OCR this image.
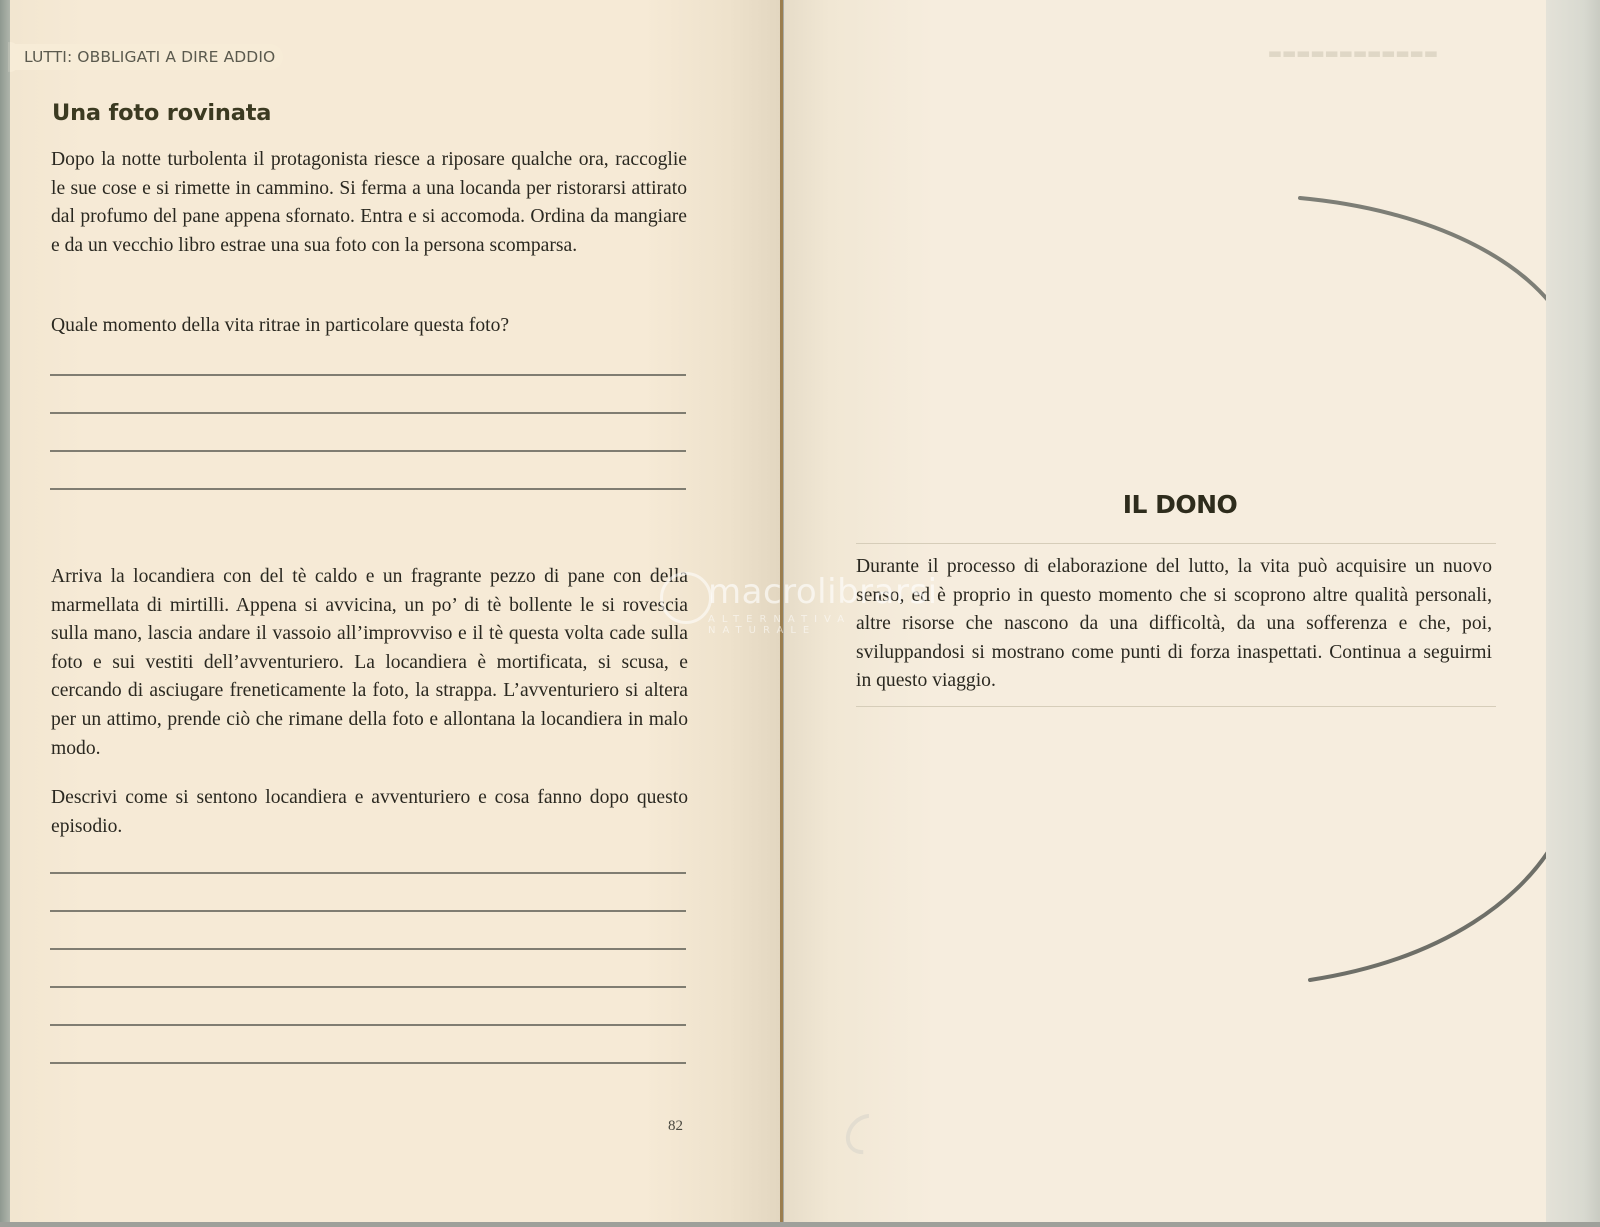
LUTTI: OBBLIGATI A DIRE ADDIO
Una foto rovinata

Dopo la notte turbolenta il protagonista riesce a riposare qualche ora, raccoglie le sue cose e si rimette in cammino. Si ferma a una locanda per ristorarsi attirato dal profumo del pane appena sfornato. Entra e si accomoda. Ordina da mangiare e da un vecchio libro estrae una sua foto con la persona scomparsa.

Quale momento della vita ritrae in particolare questa foto?

Arriva la locandiera con del tè caldo e un fragrante pezzo di pane con della marmellata di mirtilli. Appena si avvicina, un po’ di tè bollente le si rovescia sulla mano, lascia andare il vassoio all’improvviso e il tè questa volta cade sulla foto e sui vestiti dell’avventuriero. La locandiera è mortificata, si scusa, e cercando di asciugare freneticamente la foto, la strappa. L’avventuriero si altera per un attimo, prende ciò che rimane della foto e allontana la locandiera in malo modo.

Descrivi come si sentono locandiera e avventuriero e cosa fanno dopo questo episodio.

82
▬▬▬▬▬▬▬▬▬▬▬▬
IL DONO

Durante il processo di elaborazione del lutto, la vita può acquisire un nuovo senso, ed è proprio in questo momento che si scoprono altre qualità personali, altre risorse che nascono da una difficoltà, da una sofferenza e che, poi, sviluppandosi si mostrano come punti di forza inaspettati. Continua a seguirmi in questo viaggio.

macrolibrarsi
ALTERNATIVA NATURALE
